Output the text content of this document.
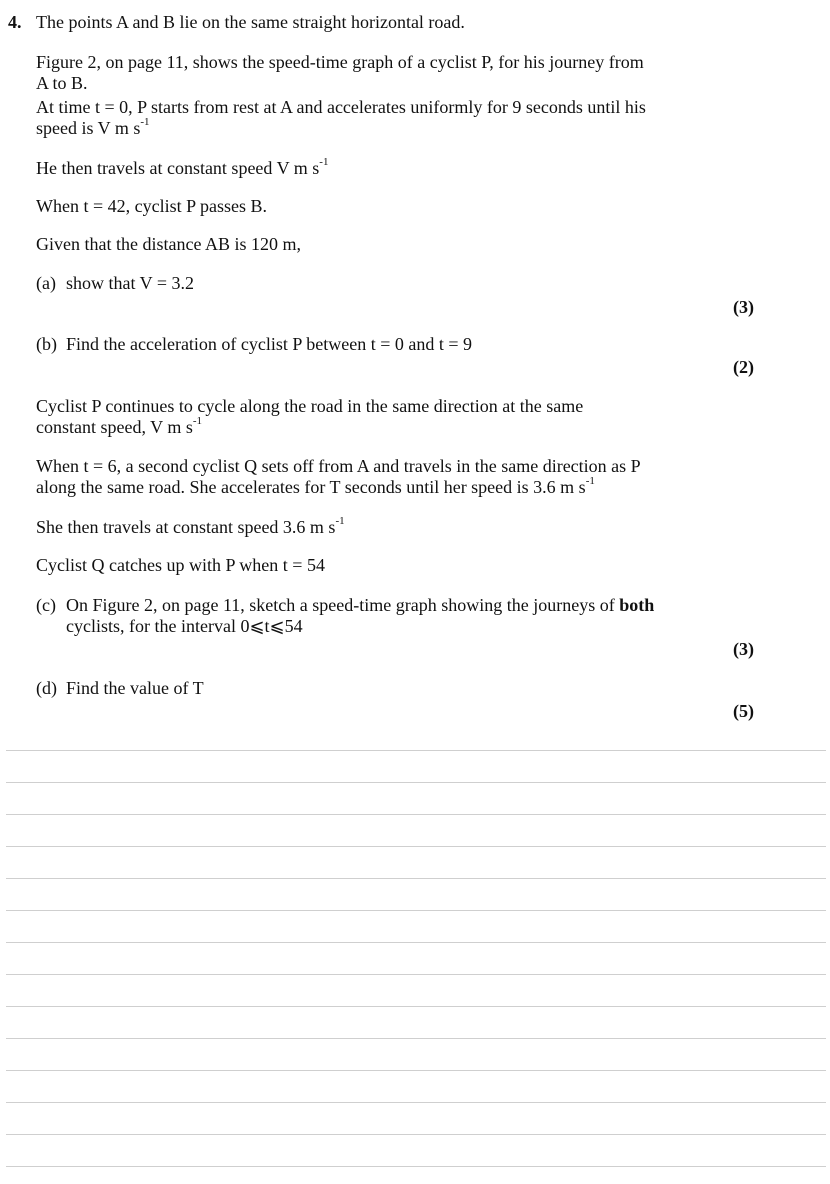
4. The points A and B lie on the same straight horizontal road.
Figure 2, on page 11, shows the speed-time graph of a cyclist P, for his journey from
A to B.
At time t = 0, P starts from rest at A and accelerates uniformly for 9 seconds until his
speed is V m $s^{-1}$
He then travels at constant speed V m $s^{-1}$
When t = 42, cyclist P passes B.
Given that the distance AB is 120 m,
(a) show that V = 3.2
(3)
(b) Find the acceleration of cyclist P between t = 0 and t = 9
(2)
Cyclist P continues to cycle along the road in the same direction at the same
constant speed, V m $s^{-1}$
When t = 6, a second cyclist Q sets off from A and travels in the same direction as P
along the same road. She accelerates for T seconds until her speed is 3.6 m $s^{-1}$
She then travels at constant speed 3.6 m $s^{-1}$
Cyclist Q catches up with P when t = 54
(c) On Figure 2, on page 11, sketch a speed-time graph showing the journeys of both
cyclists, for the interval 0⩽t⩽54
(3)
(d) Find the value of T
(5)
